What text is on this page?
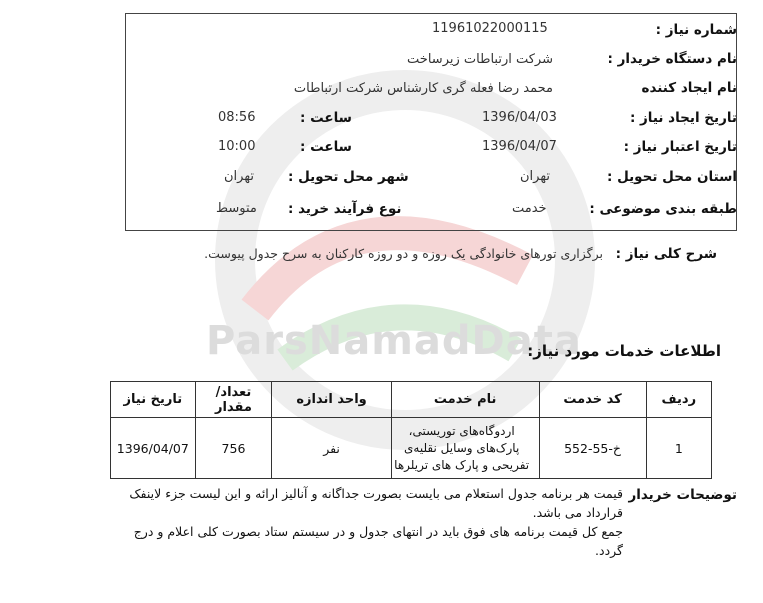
ParsNamadData
شماره نیاز :
11961022000115
نام دستگاه خریدار :
شرکت ارتباطات زیرساخت
نام ایجاد کننده
محمد رضا فعله گری کارشناس شرکت ارتباطات
تاریخ ایجاد نیاز :
1396/04/03
ساعت :
08:56
تاریخ اعتبار نیاز :
1396/04/07
ساعت :
10:00
استان محل تحویل :
تهران
شهر محل تحویل :
تهران
طبقه بندی موضوعی :
خدمت
نوع فرآیند خرید :
متوسط
شرح کلی نیاز :
برگزاری تورهای خانوادگی یک روزه و دو روزه کارکنان به سرح جدول پیوست.
اطلاعات خدمات مورد نیاز:
ردیف	کد خدمت	نام خدمت	واحد اندازه	تعداد/ مقدار	تاریخ نیاز
1	خ-55-552	اردوگاه‌های توریستی،
پارک‌های وسایل نقلیه‌ی
تفریحی و پارک های تریلرها	نفر	756	1396/04/07
توضیحات خریدار
قیمت هر برنامه جدول استعلام می بایست بصورت جداگانه و آنالیز ارائه و این لیست جزء لاینفک
قرارداد می باشد.
جمع کل قیمت برنامه های فوق باید در انتهای جدول و در سیستم ستاد بصورت کلی اعلام و درج
گردد.
